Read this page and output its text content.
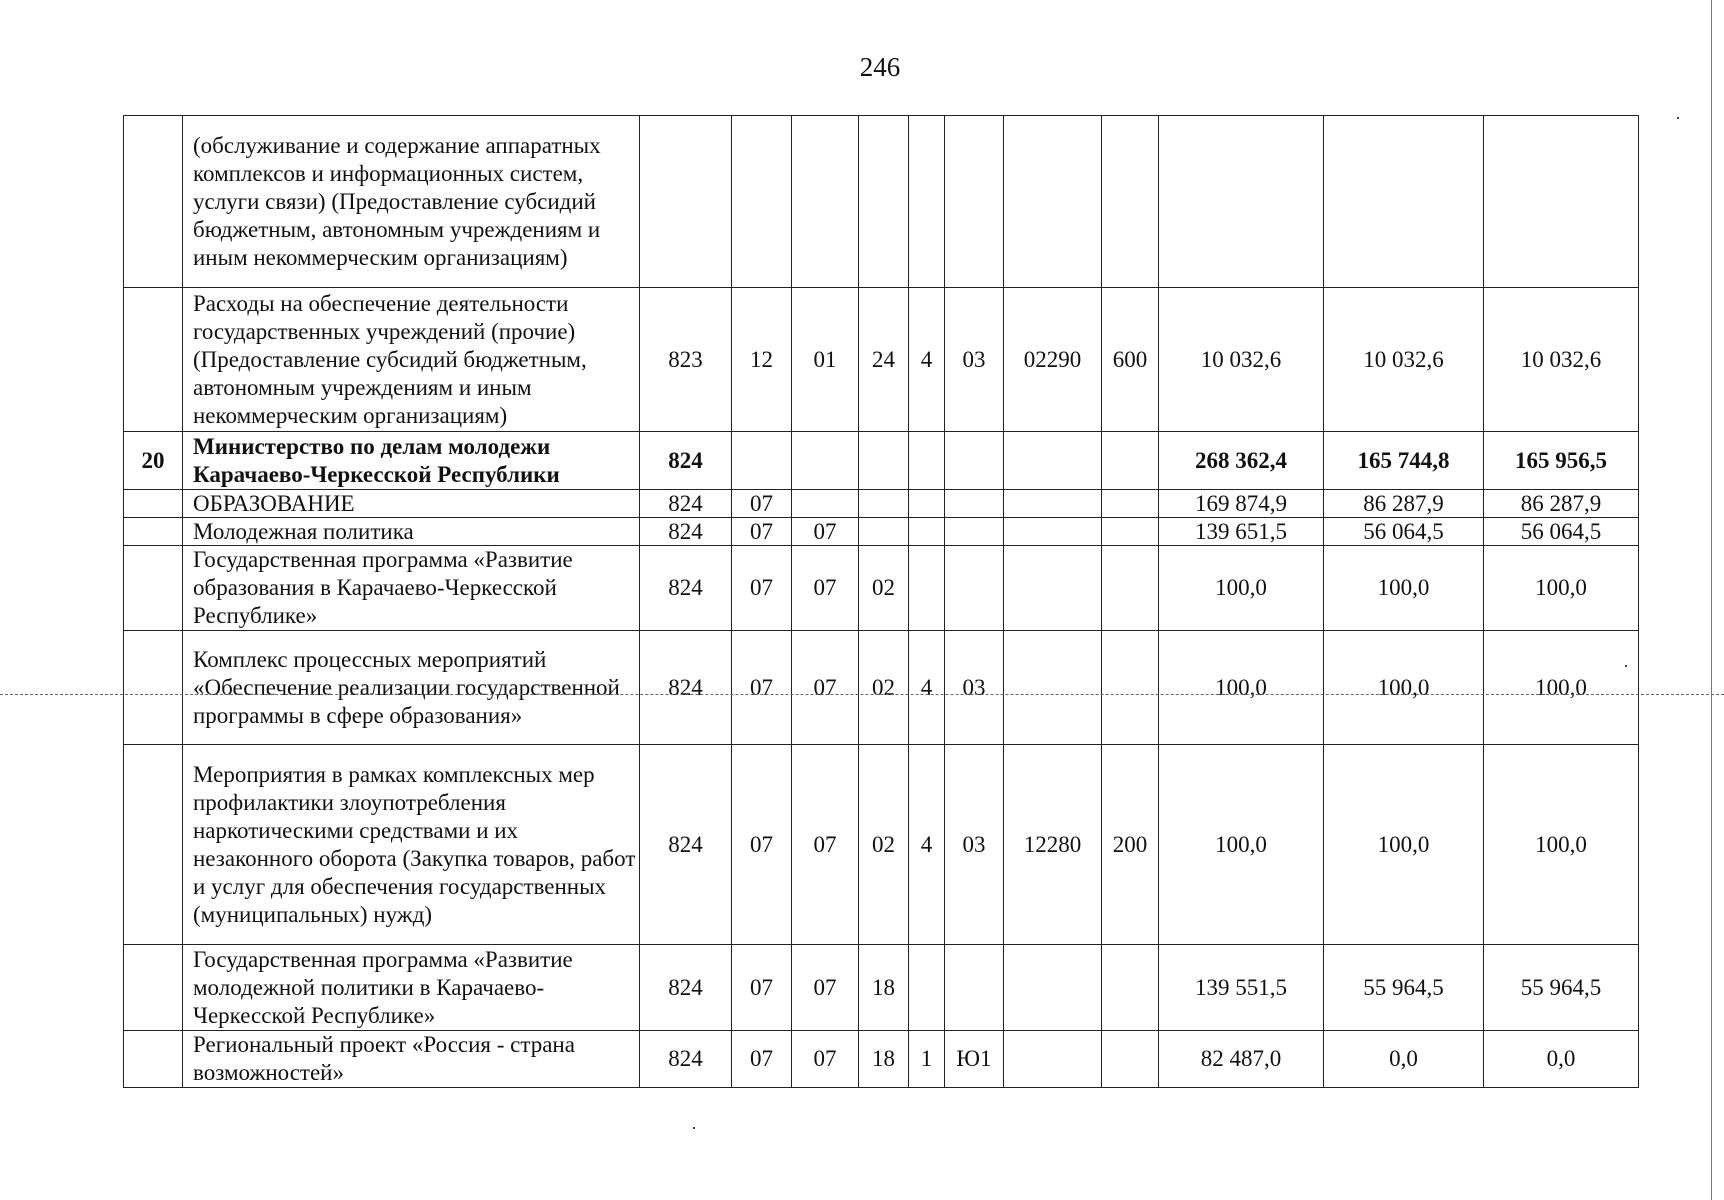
246
	(обслуживание и содержание аппаратных комплексов и информационных систем, услуги связи) (Предоставление субсидий бюджетным, автономным учреждениям и иным некоммерческим организациям)											
	Расходы на обеспечение деятельности государственных учреждений (прочие) (Предоставление субсидий бюджетным, автономным учреждениям и иным некоммерческим организациям)	823	12	01	24	4	03	02290	600	10 032,6	10 032,6	10 032,6
20	Министерство по делам молодежи Карачаево-Черкесской Республики	824								268 362,4	165 744,8	165 956,5
	ОБРАЗОВАНИЕ	824	07							169 874,9	86 287,9	86 287,9
	Молодежная политика	824	07	07						139 651,5	56 064,5	56 064,5
	Государственная программа «Развитие образования в Карачаево-Черкесской Республике»	824	07	07	02					100,0	100,0	100,0
	Комплекс процессных мероприятий «Обеспечение реализации государственной программы в сфере образования»	824	07	07	02	4	03			100,0	100,0	100,0
	Мероприятия в рамках комплексных мер профилактики злоупотребления наркотическими средствами и их незаконного оборота (Закупка товаров, работ и услуг для обеспечения государственных (муниципальных) нужд)	824	07	07	02	4	03	12280	200	100,0	100,0	100,0
	Государственная программа «Развитие молодежной политики в Карачаево-Черкесской Республике»	824	07	07	18					139 551,5	55 964,5	55 964,5
	Региональный проект «Россия - страна возможностей»	824	07	07	18	1	Ю1			82 487,0	0,0	0,0
